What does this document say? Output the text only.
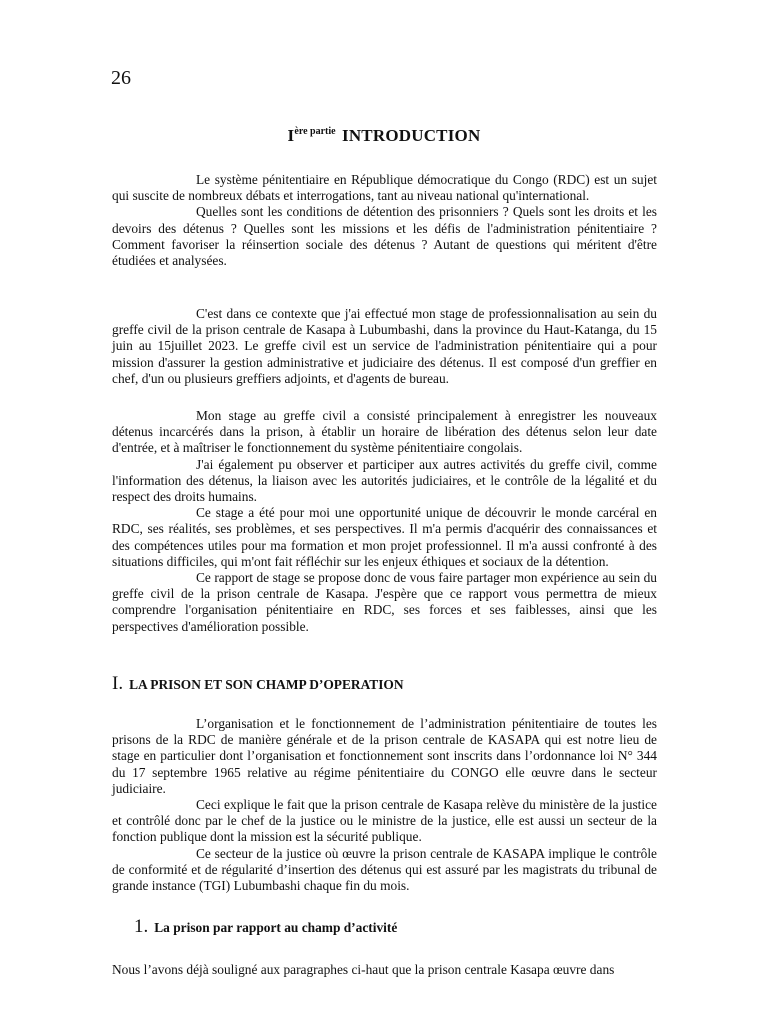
26
$I^{ère partie}$ INTRODUCTION

Le système pénitentiaire en République démocratique du Congo (RDC) est un sujet qui suscite de nombreux débats et interrogations, tant au niveau national qu'international.

Quelles sont les conditions de détention des prisonniers ? Quels sont les droits et les devoirs des détenus ? Quelles sont les missions et les défis de l'administration pénitentiaire ? Comment favoriser la réinsertion sociale des détenus ? Autant de questions qui méritent d'être étudiées et analysées.

C'est dans ce contexte que j'ai effectué mon stage de professionnalisation au sein du greffe civil de la prison centrale de Kasapa à Lubumbashi, dans la province du Haut-Katanga, du 15 juin au 15juillet 2023. Le greffe civil est un service de l'administration pénitentiaire qui a pour mission d'assurer la gestion administrative et judiciaire des détenus. Il est composé d'un greffier en chef, d'un ou plusieurs greffiers adjoints, et d'agents de bureau.

Mon stage au greffe civil a consisté principalement à enregistrer les nouveaux détenus incarcérés dans la prison, à établir un horaire de libération des détenus selon leur date d'entrée, et à maîtriser le fonctionnement du système pénitentiaire congolais.

J'ai également pu observer et participer aux autres activités du greffe civil, comme l'information des détenus, la liaison avec les autorités judiciaires, et le contrôle de la légalité et du respect des droits humains.

Ce stage a été pour moi une opportunité unique de découvrir le monde carcéral en RDC, ses réalités, ses problèmes, et ses perspectives. Il m'a permis d'acquérir des connaissances et des compétences utiles pour ma formation et mon projet professionnel. Il m'a aussi confronté à des situations difficiles, qui m'ont fait réfléchir sur les enjeux éthiques et sociaux de la détention.

Ce rapport de stage se propose donc de vous faire partager mon expérience au sein du greffe civil de la prison centrale de Kasapa. J'espère que ce rapport vous permettra de mieux comprendre l'organisation pénitentiaire en RDC, ses forces et ses faiblesses, ainsi que les perspectives d'amélioration possible.

I. LA PRISON ET SON CHAMP D’OPERATION

L’organisation et le fonctionnement de l’administration pénitentiaire de toutes les prisons de la RDC de manière générale et de la prison centrale de KASAPA qui est notre lieu de stage en particulier dont l’organisation et fonctionnement sont inscrits dans l’ordonnance loi N° 344 du 17 septembre 1965 relative au régime pénitentiaire du CONGO elle œuvre dans le secteur judiciaire.

Ceci explique le fait que la prison centrale de Kasapa relève du ministère de la justice et contrôlé donc par le chef de la justice ou le ministre de la justice, elle est aussi un secteur de la fonction publique dont la mission est la sécurité publique.

Ce secteur de la justice où œuvre la prison centrale de KASAPA implique le contrôle de conformité et de régularité d’insertion des détenus qui est assuré par les magistrats du tribunal de grande instance (TGI) Lubumbashi chaque fin du mois.

1. La prison par rapport au champ d’activité

Nous l’avons déjà souligné aux paragraphes ci-haut que la prison centrale Kasapa œuvre dans
